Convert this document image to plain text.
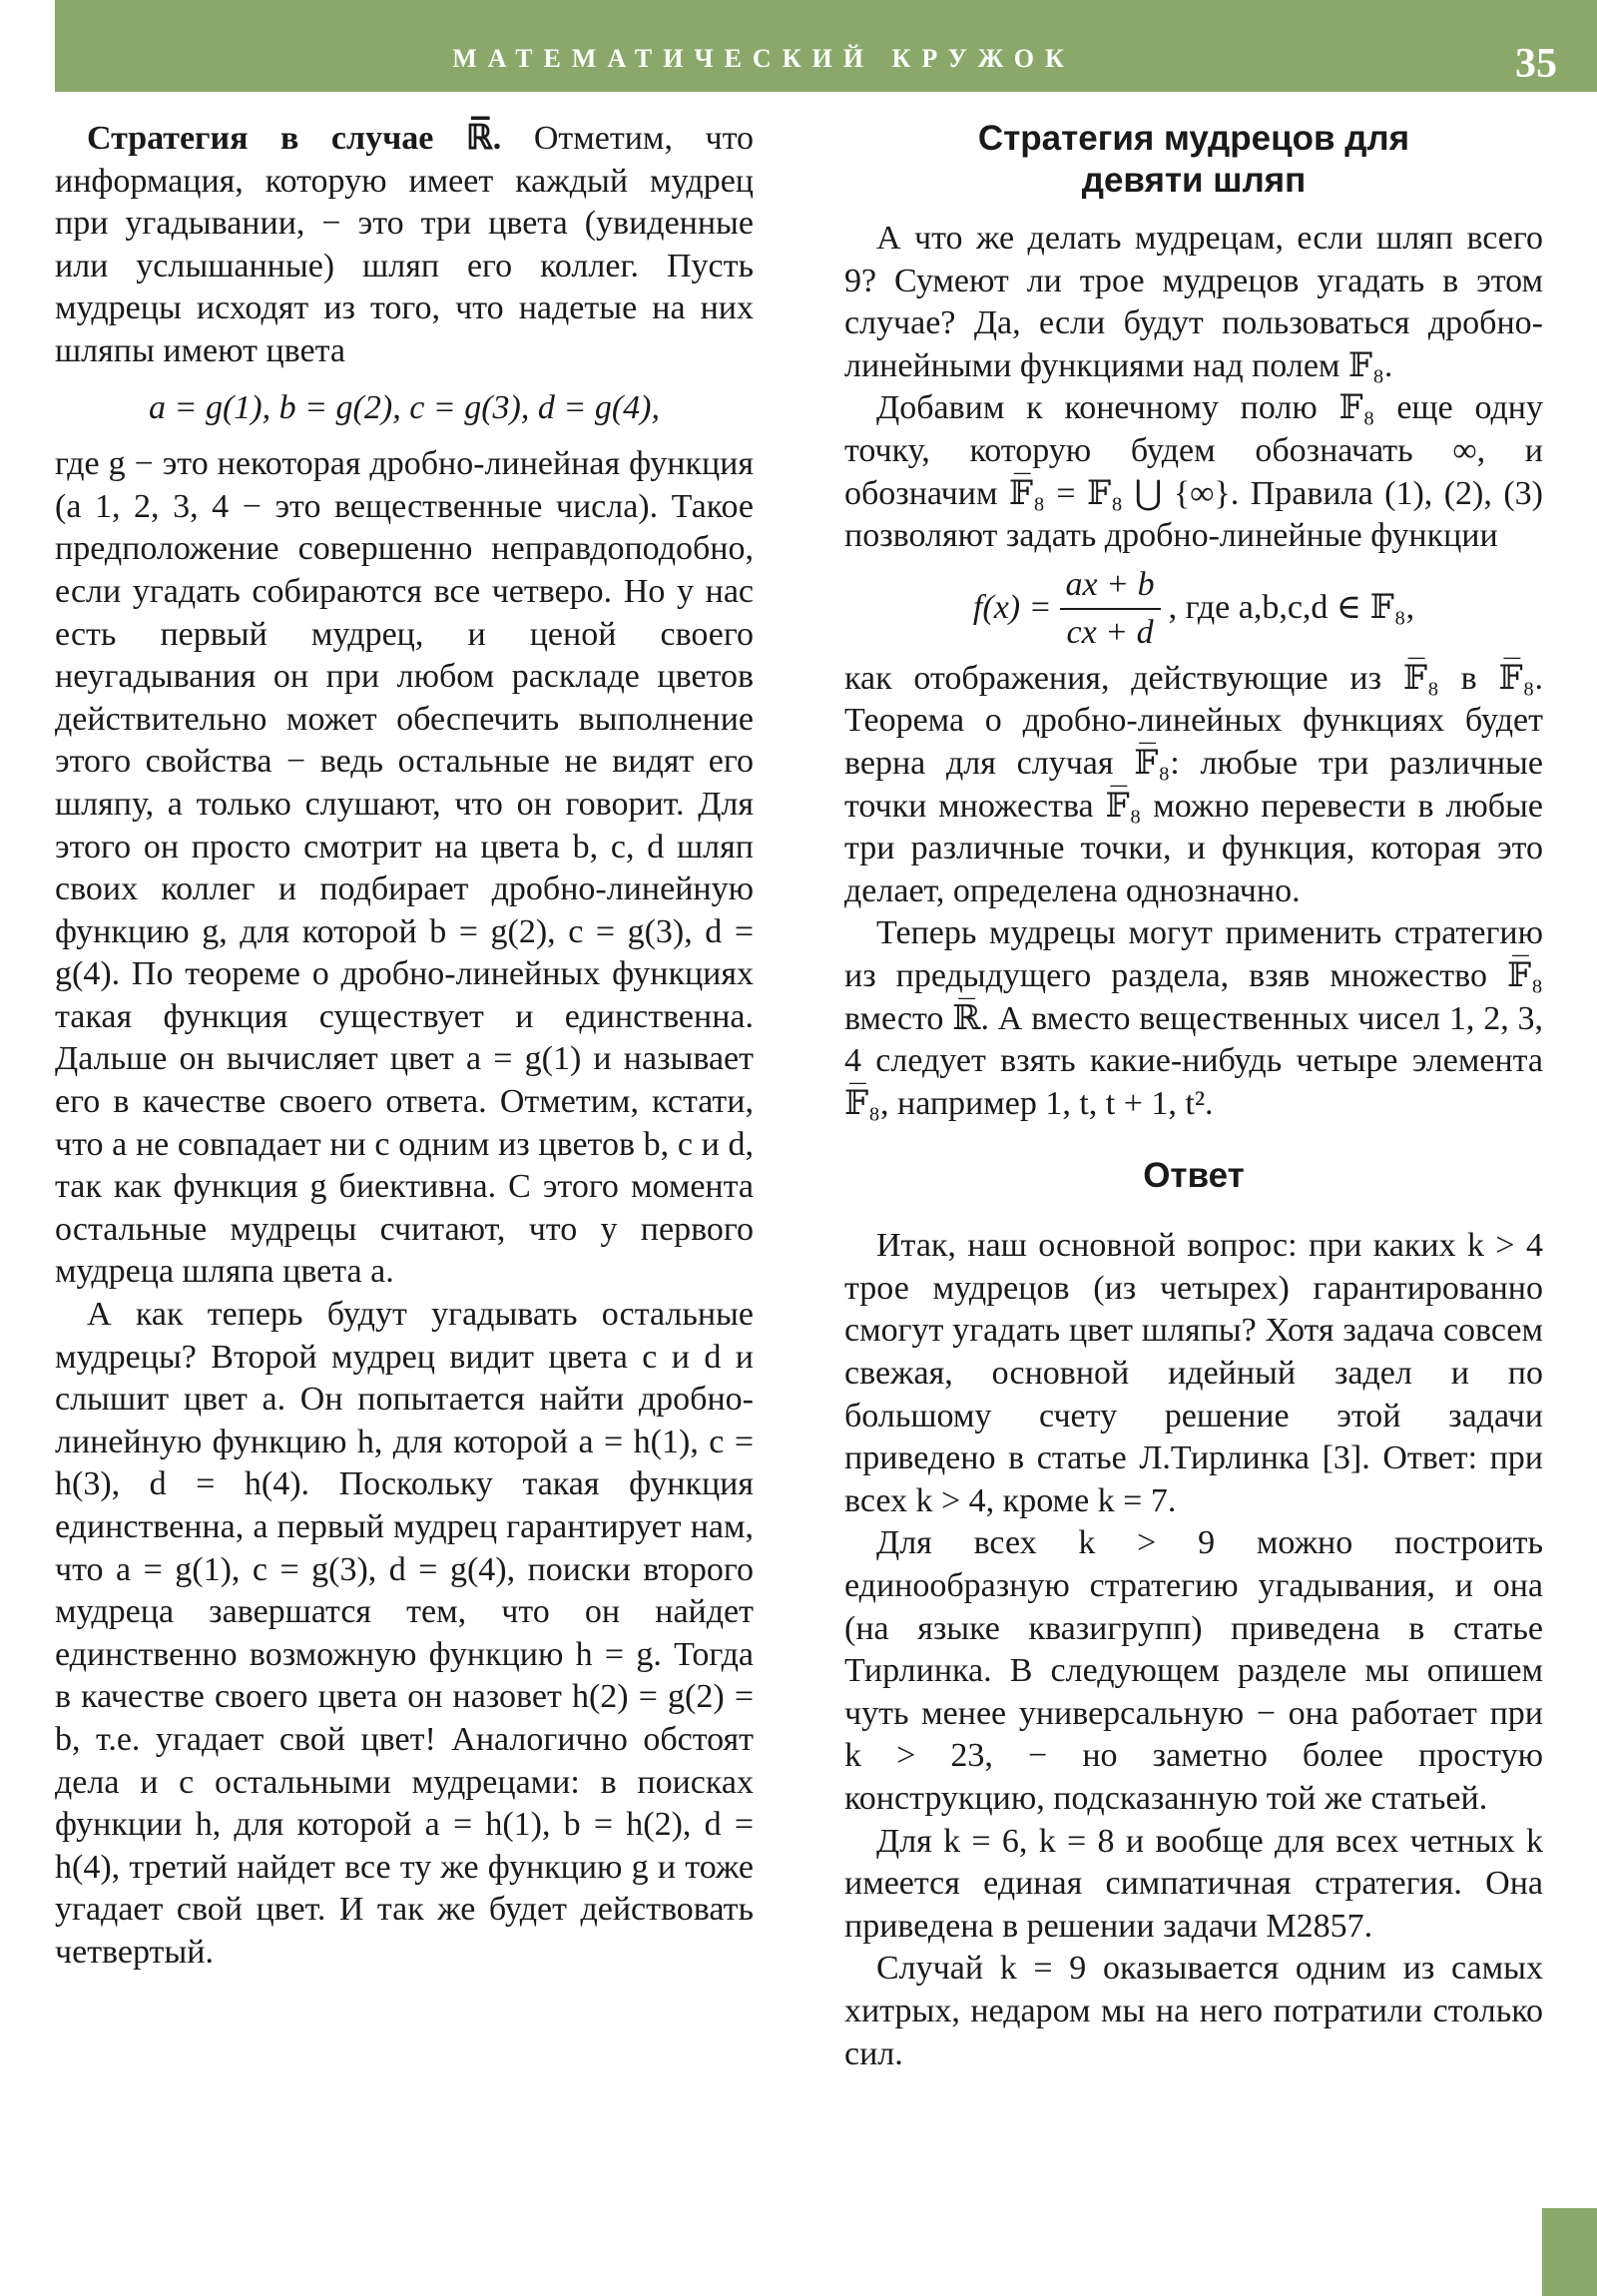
МАТЕМАТИЧЕСКИЙ КРУЖОК	35

Стратегия в случае ℝ̅. Отметим, что информация, которую имеет каждый мудрец при угадывании, − это три цвета (увиденные или услышанные) шляп его коллег. Пусть мудрецы исходят из того, что надетые на них шляпы имеют цвета

a = g(1), b = g(2), c = g(3), d = g(4),

где g − это некоторая дробно-линейная функция (а 1, 2, 3, 4 − это вещественные числа). Такое предположение совершенно неправдоподобно, если угадать собираются все четверо. Но у нас есть первый мудрец, и ценой своего неугадывания он при любом раскладе цветов действительно может обеспечить выполнение этого свойства − ведь остальные не видят его шляпу, а только слушают, что он говорит. Для этого он просто смотрит на цвета b, c, d шляп своих коллег и подбирает дробно-линейную функцию g, для которой b = g(2), c = g(3), d = g(4). По теореме о дробно-линейных функциях такая функция существует и единственна. Дальше он вычисляет цвет a = g(1) и называет его в качестве своего ответа. Отметим, кстати, что a не совпадает ни с одним из цветов b, c и d, так как функция g биективна. С этого момента остальные мудрецы считают, что у первого мудреца шляпа цвета a.

А как теперь будут угадывать остальные мудрецы? Второй мудрец видит цвета c и d и слышит цвет a. Он попытается найти дробно-линейную функцию h, для которой a = h(1), c = h(3), d = h(4). Поскольку такая функция единственна, а первый мудрец гарантирует нам, что a = g(1), c = g(3), d = g(4), поиски второго мудреца завершатся тем, что он найдет единственно возможную функцию h = g. Тогда в качестве своего цвета он назовет h(2) = g(2) = b, т.е. угадает свой цвет! Аналогично обстоят дела и с остальными мудрецами: в поисках функции h, для которой a = h(1), b = h(2), d = h(4), третий найдет все ту же функцию g и тоже угадает свой цвет. И так же будет действовать четвертый.

Стратегия мудрецов для девяти шляп

А что же делать мудрецам, если шляп всего 9? Сумеют ли трое мудрецов угадать в этом случае? Да, если будут пользоваться дробно-линейными функциями над полем 𝔽₈.

Добавим к конечному полю 𝔽₈ еще одну точку, которую будем обозначать ∞, и обозначим 𝔽̅₈ = 𝔽₈ ⋃ {∞}. Правила (1), (2), (3) позволяют задать дробно-линейные функции

$f(x) = \frac{ax + b}{cx + d}$ , где a,b,c,d ∈ 𝔽₈,

как отображения, действующие из 𝔽̅₈ в 𝔽̅₈. Теорема о дробно-линейных функциях будет верна для случая 𝔽̅₈: любые три различные точки множества 𝔽̅₈ можно перевести в любые три различные точки, и функция, которая это делает, определена однозначно.

Теперь мудрецы могут применить стратегию из предыдущего раздела, взяв множество 𝔽̅₈ вместо ℝ̅. А вместо вещественных чисел 1, 2, 3, 4 следует взять какие-нибудь четыре элемента 𝔽̅₈, например 1, t, t + 1, t².

Ответ

Итак, наш основной вопрос: при каких k > 4 трое мудрецов (из четырех) гарантированно смогут угадать цвет шляпы? Хотя задача совсем свежая, основной идейный задел и по большому счету решение этой задачи приведено в статье Л.Тирлинка [3]. Ответ: при всех k > 4, кроме k = 7.

Для всех k > 9 можно построить единообразную стратегию угадывания, и она (на языке квазигрупп) приведена в статье Тирлинка. В следующем разделе мы опишем чуть менее универсальную − она работает при k > 23, − но заметно более простую конструкцию, подсказанную той же статьей.

Для k = 6, k = 8 и вообще для всех четных k имеется единая симпатичная стратегия. Она приведена в решении задачи М2857.

Случай k = 9 оказывается одним из самых хитрых, недаром мы на него потратили столько сил.
